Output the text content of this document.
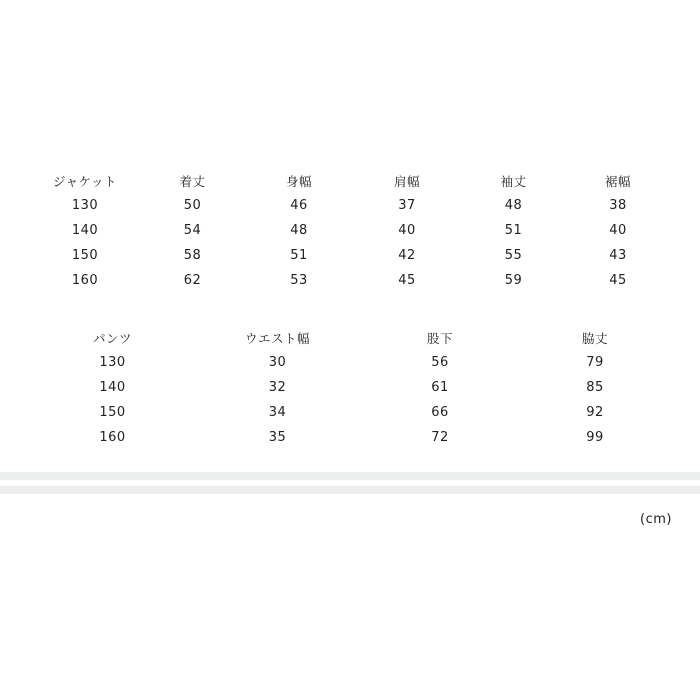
ジャケット	着丈	身幅	肩幅	袖丈	裾幅
130	50	46	37	48	38
140	54	48	40	51	40
150	58	51	42	55	43
160	62	53	45	59	45
パンツ	ウエスト幅	股下	脇丈
130	30	56	79
140	32	61	85
150	34	66	92
160	35	72	99
(cm)
